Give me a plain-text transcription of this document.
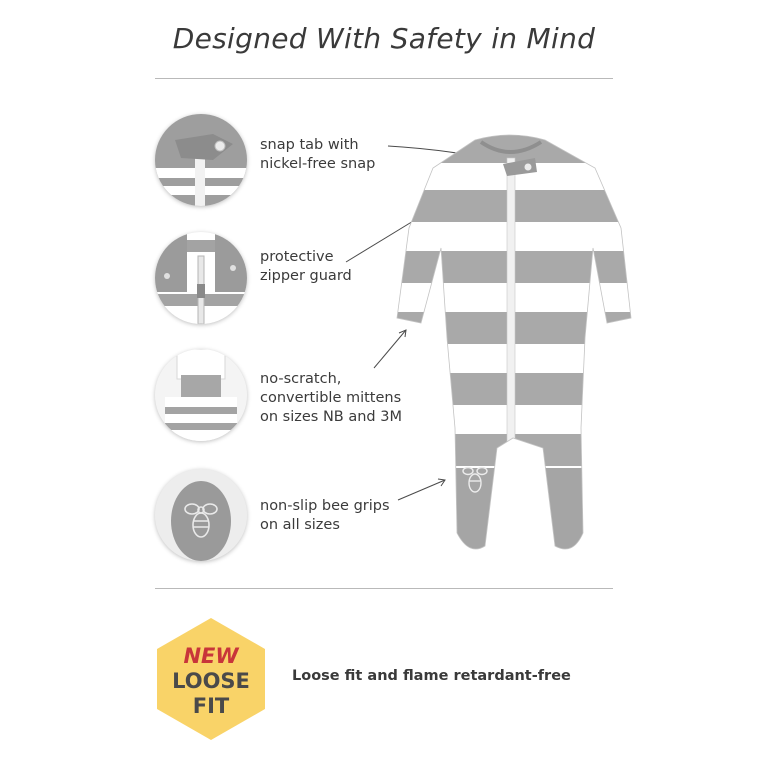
Designed With Safety in Mind
snap tab with
nickel-free snap
protective
zipper guard
no-scratch,
convertible mittens
on sizes NB and 3M
non-slip bee grips
on all sizes
NEW
LOOSE
FIT
Loose fit and flame retardant-free
